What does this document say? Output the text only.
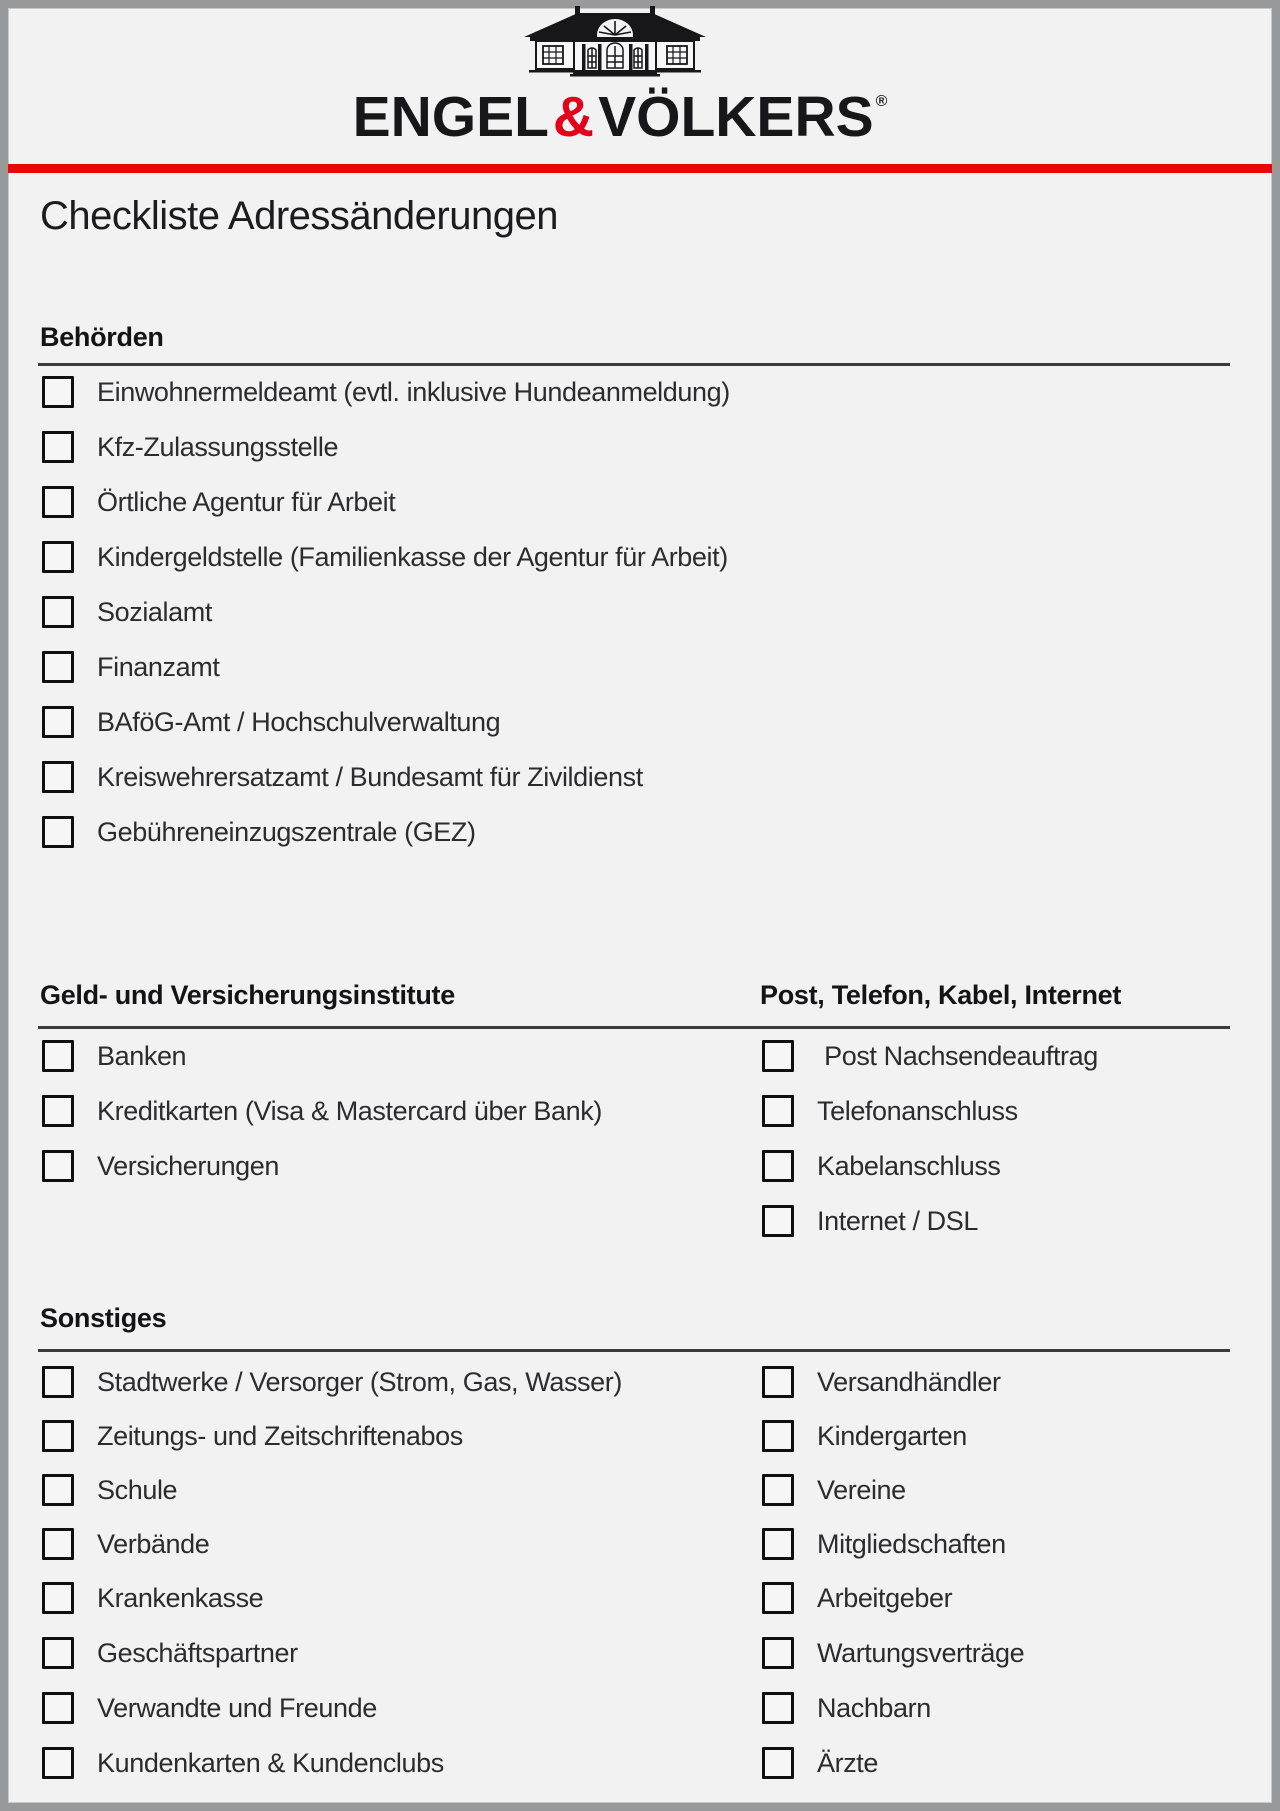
ENGEL&VÖLKERS ®
Checkliste Adressänderungen
Behörden
Einwohnermeldeamt (evtl. inklusive Hundeanmeldung)
Kfz-Zulassungsstelle
Örtliche Agentur für Arbeit
Kindergeldstelle (Familienkasse der Agentur für Arbeit)
Sozialamt
Finanzamt
BAföG-Amt / Hochschulverwaltung
Kreiswehrersatzamt / Bundesamt für Zivildienst
Gebühreneinzugszentrale (GEZ)
Geld- und Versicherungsinstitute	Post, Telefon, Kabel, Internet
Banken
Kreditkarten (Visa & Mastercard über Bank)
Versicherungen
Post Nachsendeauftrag
Telefonanschluss
Kabelanschluss
Internet / DSL
Sonstiges
Stadtwerke / Versorger (Strom, Gas, Wasser)
Zeitungs- und Zeitschriftenabos
Schule
Verbände
Krankenkasse
Geschäftspartner
Verwandte und Freunde
Kundenkarten & Kundenclubs
Versandhändler
Kindergarten
Vereine
Mitgliedschaften
Arbeitgeber
Wartungsverträge
Nachbarn
Ärzte
